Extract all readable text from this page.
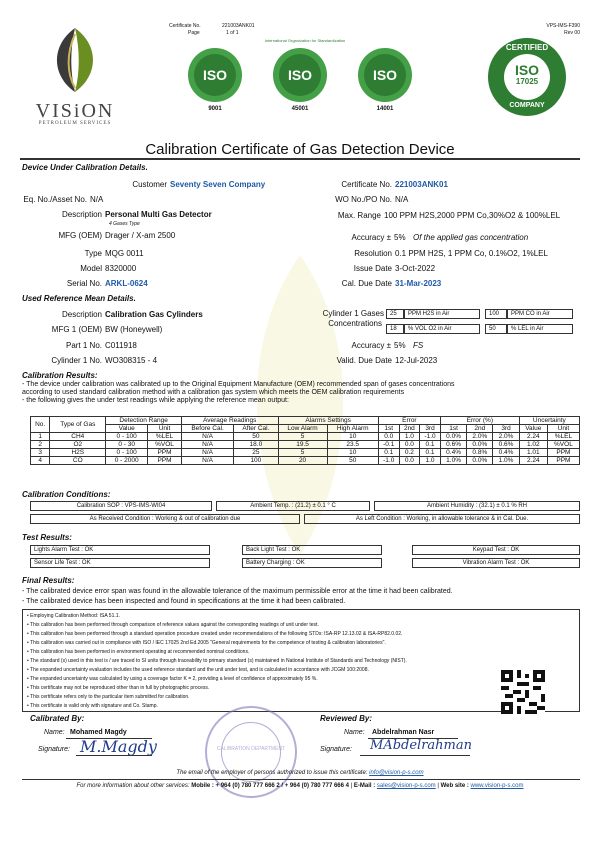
VISiON
PETROLEUM SERVICES
Certificate No.	221003ANK01
Page	1 of 1
VPS-IMS-F390
Rev 00
ISO
9001
ISO
45001
ISO
14001
International Organization for Standardization
CERTIFIED
ISO
17025
COMPANY
Calibration Certificate of Gas Detection Device
Device Under Calibration Details.
Customer Seventy Seven Company
Eq. No./Asset No. N/A
Description Personal Multi Gas Detector
4 Gases Type
MFG (OEM) Drager / X-am 2500
Type MQG 0011
Model 8320000
Serial No. ARKL-0624
Certificate No. 221003ANK01
WO No./PO No. N/A
Max. Range 100 PPM H2S,2000 PPM Co,30%O2 & 100%LEL
Accuracy ± 5% Of the applied gas concentration
Resolution 0.1 PPM H2S, 1 PPM Co, 0.1%O2, 1%LEL
Issue Date 3-Oct-2022
Cal. Due Date 31-Mar-2023
Used Reference Mean Details.
Description Calibration Gas Cylinders
MFG 1 (OEM) BW (Honeywell)
Part 1 No. C011918
Cylinder 1 No. WO308315 - 4
Cylinder 1 Gases
Concentrations
25	PPM H2S in Air	100	PPM CO in Air
18	% VOL O2 in Air	50	% LEL in Air
Accuracy ± 5% FS
Valid. Due Date 12-Jul-2023
Calibration Results:
- The device under calibration was calibrated up to the Original Equipment Manufacture (OEM) recommended span of gases concentrations
according to used standard calibration method with a calibration gas system which meets the OEM calibration requirements
- the following gives the under test readings while applying the reference mean output:
No.	Type of Gas	Detection Range		Average Readings		Alarms Settings		Error			Error (%)			Uncertainty	
		Value	Unit	Before Cal.	After Cal.	Low Alarm	High Alarm	1st	2nd	3rd	1st	2nd	3rd	Value	Unit
1	CH4	0 - 100	%LEL	N/A	50	5	10	0.0	1.0	-1.0	0.0%	2.0%	2.0%	2.24	%LEL
2	O2	0 - 30	%VOL	N/A	18.0	19.5	23.5	-0.1	0.0	0.1	0.6%	0.0%	0.6%	1.02	%VOL
3	H2S	0 - 100	PPM	N/A	25	5	10	0.1	0.2	0.1	0.4%	0.8%	0.4%	1.01	PPM
4	CO	0 - 2000	PPM	N/A	100	20	50	-1.0	0.0	1.0	1.0%	0.0%	1.0%	2.24	PPM
Calibration Conditions:
Calibration SOP : VPS-IMS-WI04	Ambient Temp. : (21.2) ± 0.1 ° C	Ambient Humidity : (32.1) ± 0.1 % RH
As Received Condition : Working & out of calibration due	As Left Condition : Working, in allowable tolerance & in Cal. Due.
Test Results:
Lights Alarm Test : OK	Back Light Test : OK	Keypad Test : OK
Sensor Life Test : OK	Battery Charging : OK	Vibration Alarm Test : OK
Final Results:
- The calibrated device error span was found in the allowable tolerance of the maximum permissible error at the time it had been calibrated.
- The calibrated device has been inspected and found in specifications at the time it had been calibrated.
• Employing Calibration Method: ISA 51.1.
• This calibration has been performed through comparison of reference values against the corresponding readings of unit under test.
• This calibration has been performed through a standard operation procedure created under recommendations of the following STDs: ISA-RP 12.13.02 & ISA-RP82.0.02.
• This calibration was carried out in compliance with ISO / IEC 17025 2nd Ed.2005 "General requirements for the competence of testing & calibration laboratories".
• This calibration has been performed in environment operating at recommended nominal conditions.
• The standard (s) used in this test is / are traced to SI units through traceability to primary standard (s) maintained in National Institute of Standards and Technology (NIST).
• The expanded uncertainty evaluation includes the used reference standard and the unit under test, and is calculated in accordance with JCGM 100:2008.
• The expanded uncertainty was calculated by using a coverage factor K = 2, providing a level of confidence of approximately 95 %.
• This certificate may not be reproduced other than in full by photographic process.
• This certificate refers only to the particular item submitted for calibration.
• This certificate is valid only with signature and Co. Stamp.
Calibrated By:
Name: Mohamed Magdy
Signature: M.Magdy	CALIBRATION DEPARTMENT
Reviewed By:
Name: Abdelrahman Nasr
Signature: MAbdelrahman
The email of the employer of persons authorized to issue this certificate: info@vision-p-s.com
For more information about other services: Mobile : + 964 (0) 780 777 666 2 / + 964 (0) 780 777 666 4 | E-Mail : sales@vision-p-s.com | Web site : www.vision-p-s.com
